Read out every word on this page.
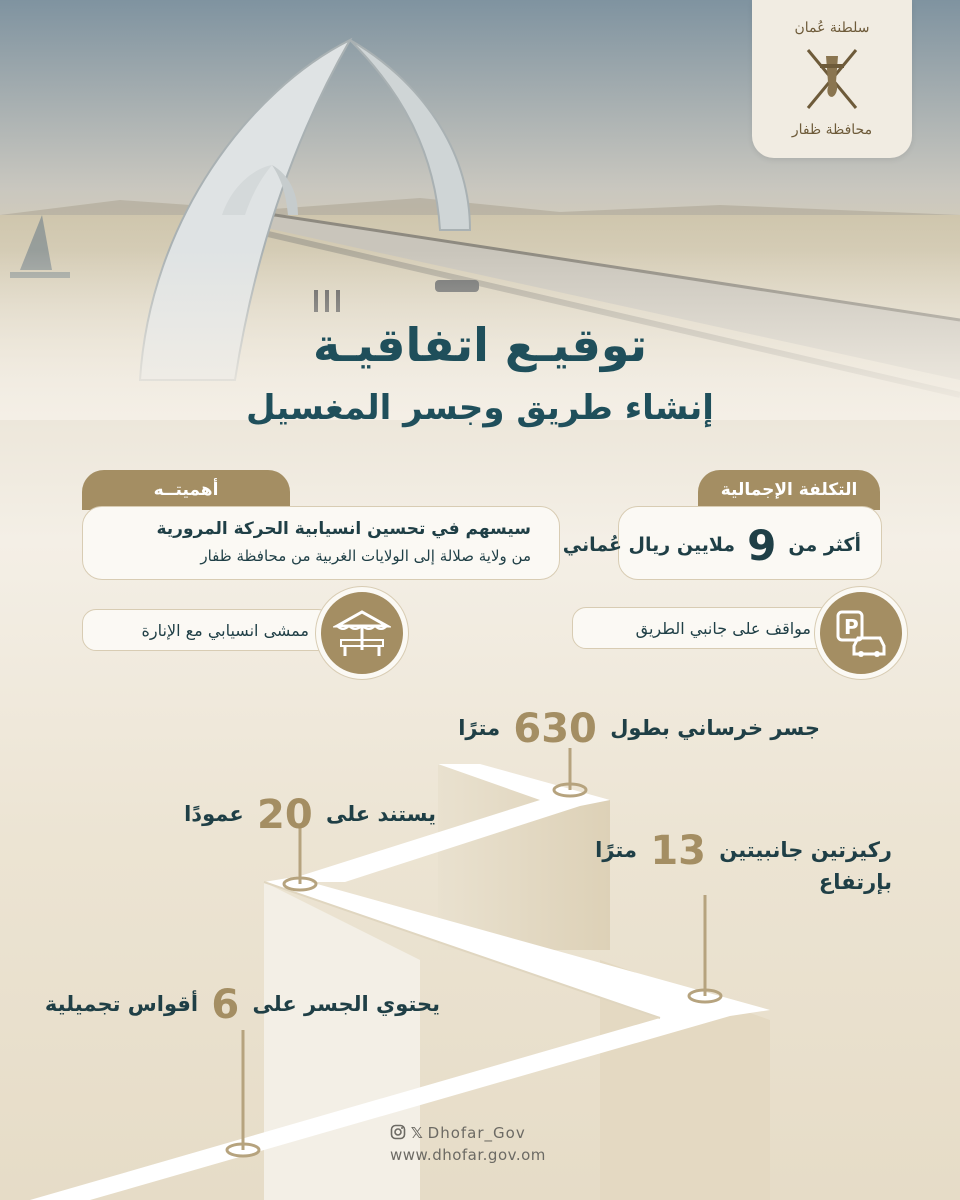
سلطنة عُمان
محافظة ظفار
توقيـع اتفاقيـة
إنشاء طريق وجسر المغسيل
التكلفة الإجمالية
أكثر من 9 ملايين ريال عُماني
أهميتــه
سيسهم في تحسين انسيابية الحركة المرورية
من ولاية صلالة إلى الولايات الغربية من محافظة ظفار
مواقف على جانبي الطريق	P
ممشى انسيابي مع الإنارة
جسر خرساني بطول 630 مترًا
يستند على 20 عمودًا
ركيزتين جانبيتين 13 مترًا
بإرتفاع
يحتوي الجسر على 6 أقواس تجميلية
𝕏 Dhofar_Gov
www.dhofar.gov.om
